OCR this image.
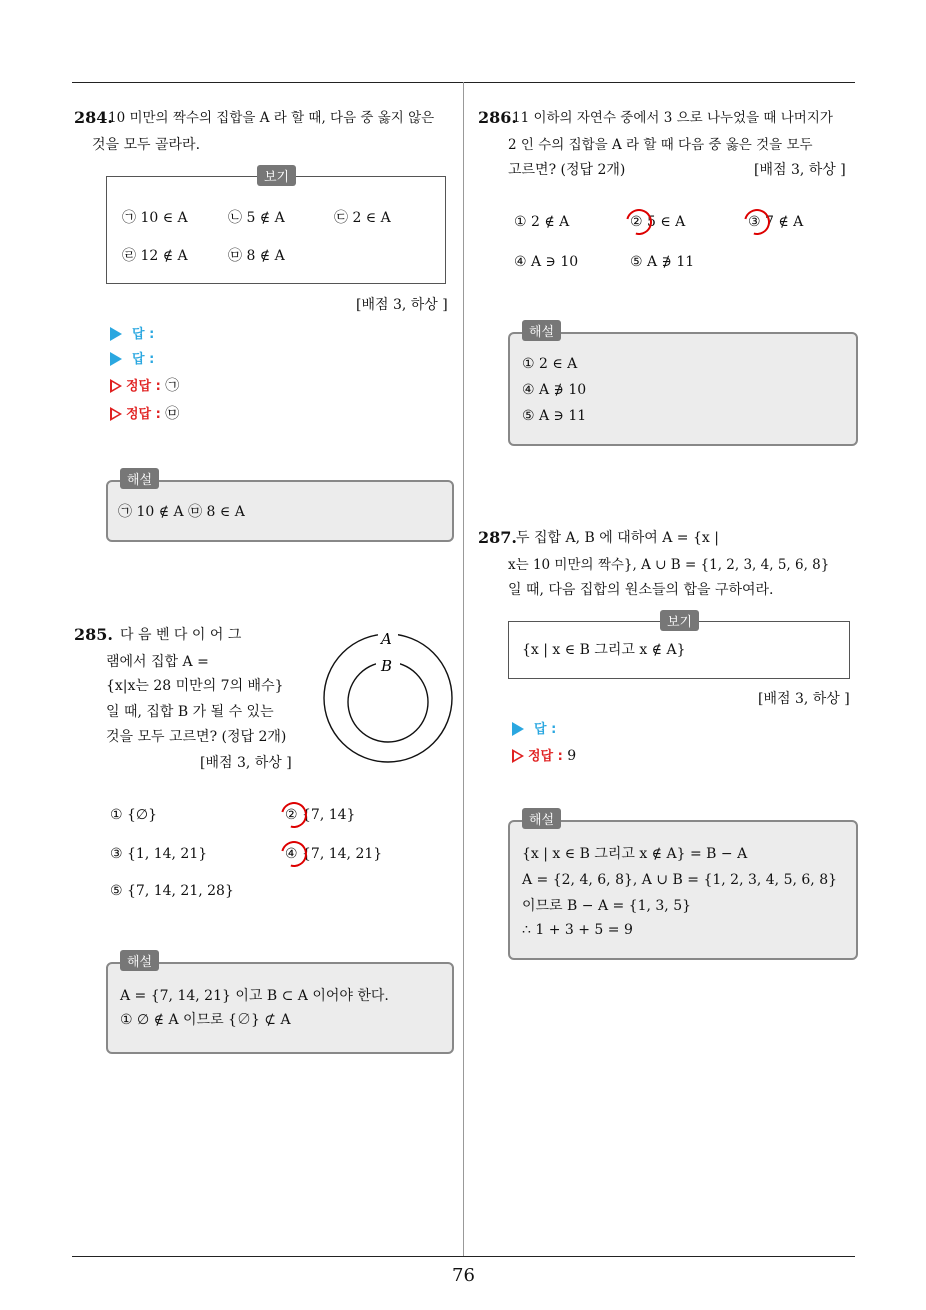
76
284.
10 미만의 짝수의 집합을 A 라 할 때, 다음 중 옳지 않은
것을 모두 골라라.
보기
㉠ 10 ∈ A	㉡ 5 ∉ A	㉢ 2 ∈ A
㉣ 12 ∉ A	㉤ 8 ∉ A
[배점 3, 하상 ]
답 :
답 :
정답 : ㉠
정답 : ㉤
해설
㉠ 10 ∉ A ㉤ 8 ∈ A
285. 다 음 벤 다 이 어 그
램에서 집합 A =
{x|x는 28 미만의 7의 배수}
일 때, 집합 B 가 될 수 있는
것을 모두 고르면? (정답 2개)
[배점 3, 하상 ]
A
B
① {∅}	② {7, 14}
③ {1, 14, 21}	④ {7, 14, 21}
⑤ {7, 14, 21, 28}
해설
A = {7, 14, 21} 이고 B ⊂ A 이어야 한다.
① ∅ ∉ A 이므로 {∅} ⊄ A
286.
11 이하의 자연수 중에서 3 으로 나누었을 때 나머지가
2 인 수의 집합을 A 라 할 때 다음 중 옳은 것을 모두
고르면? (정답 2개)	[배점 3, 하상 ]
① 2 ∉ A	② 5 ∈ A	③ 7 ∉ A
④ A ∋ 10	⑤ A ∌ 11
해설
① 2 ∈ A
④ A ∌ 10
⑤ A ∋ 11
287. 두 집합 A, B 에 대하여 A = {x |
x는 10 미만의 짝수}, A ∪ B = {1, 2, 3, 4, 5, 6, 8}
일 때, 다음 집합의 원소들의 합을 구하여라.
보기
{x | x ∈ B 그리고 x ∉ A}
[배점 3, 하상 ]
답 :
정답 : 9
해설
{x | x ∈ B 그리고 x ∉ A} = B − A
A = {2, 4, 6, 8}, A ∪ B = {1, 2, 3, 4, 5, 6, 8}
이므로 B − A = {1, 3, 5}
∴ 1 + 3 + 5 = 9
